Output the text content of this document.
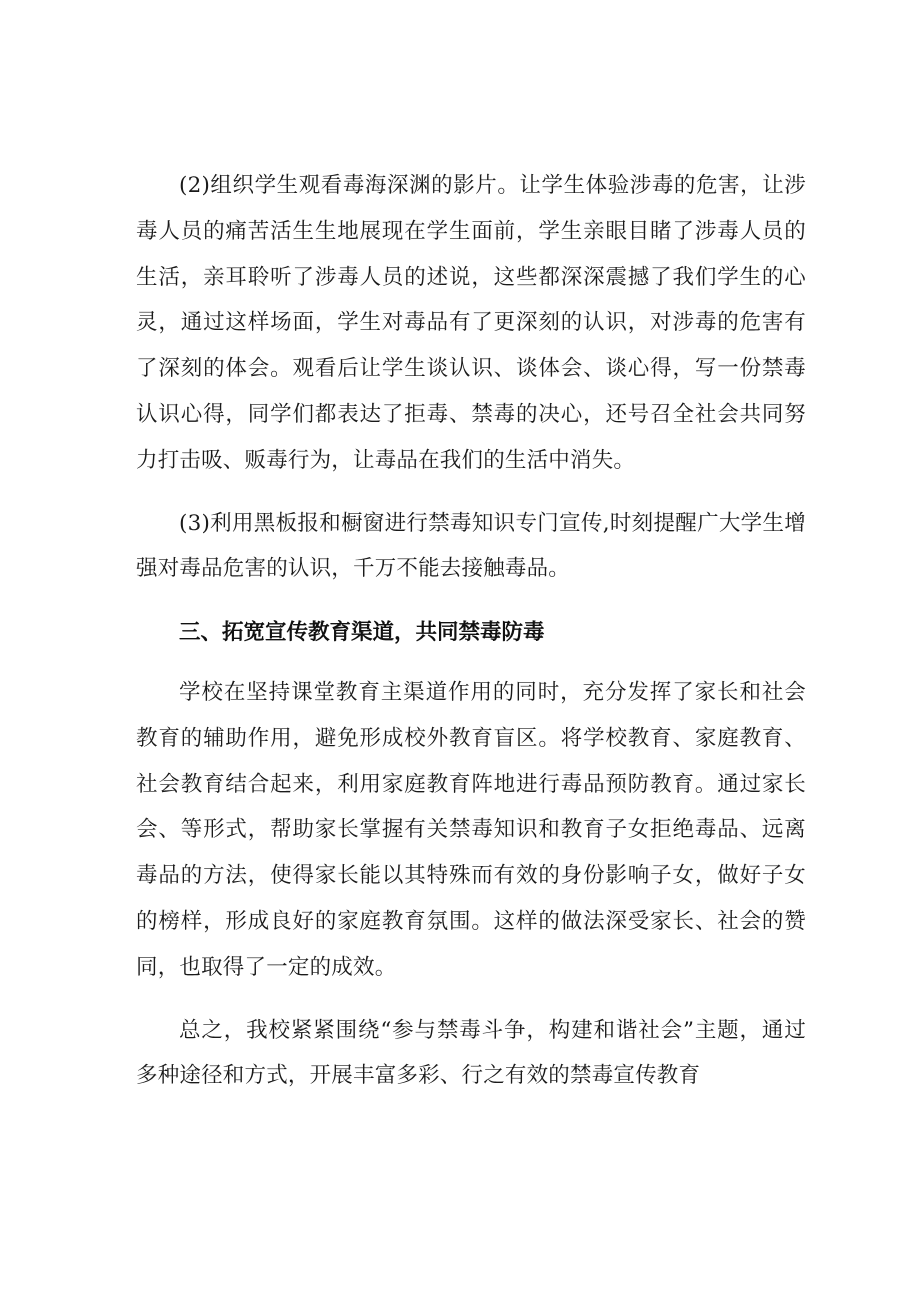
(2)组织学生观看毒海深渊的影片。让学生体验涉毒的危害，让涉毒人员的痛苦活生生地展现在学生面前，学生亲眼目睹了涉毒人员的生活，亲耳聆听了涉毒人员的述说，这些都深深震撼了我们学生的心灵，通过这样场面，学生对毒品有了更深刻的认识，对涉毒的危害有了深刻的体会。观看后让学生谈认识、谈体会、谈心得，写一份禁毒认识心得，同学们都表达了拒毒、禁毒的决心，还号召全社会共同努力打击吸、贩毒行为，让毒品在我们的生活中消失。

(3)利用黑板报和橱窗进行禁毒知识专门宣传,时刻提醒广大学生增强对毒品危害的认识，千万不能去接触毒品。

三、拓宽宣传教育渠道，共同禁毒防毒

学校在坚持课堂教育主渠道作用的同时，充分发挥了家长和社会教育的辅助作用，避免形成校外教育盲区。将学校教育、家庭教育、社会教育结合起来，利用家庭教育阵地进行毒品预防教育。通过家长会、等形式，帮助家长掌握有关禁毒知识和教育子女拒绝毒品、远离毒品的方法，使得家长能以其特殊而有效的身份影响子女，做好子女的榜样，形成良好的家庭教育氛围。这样的做法深受家长、社会的赞同，也取得了一定的成效。

总之，我校紧紧围绕“参与禁毒斗争，构建和谐社会”主题，通过多种途径和方式，开展丰富多彩、行之有效的禁毒宣传教育
